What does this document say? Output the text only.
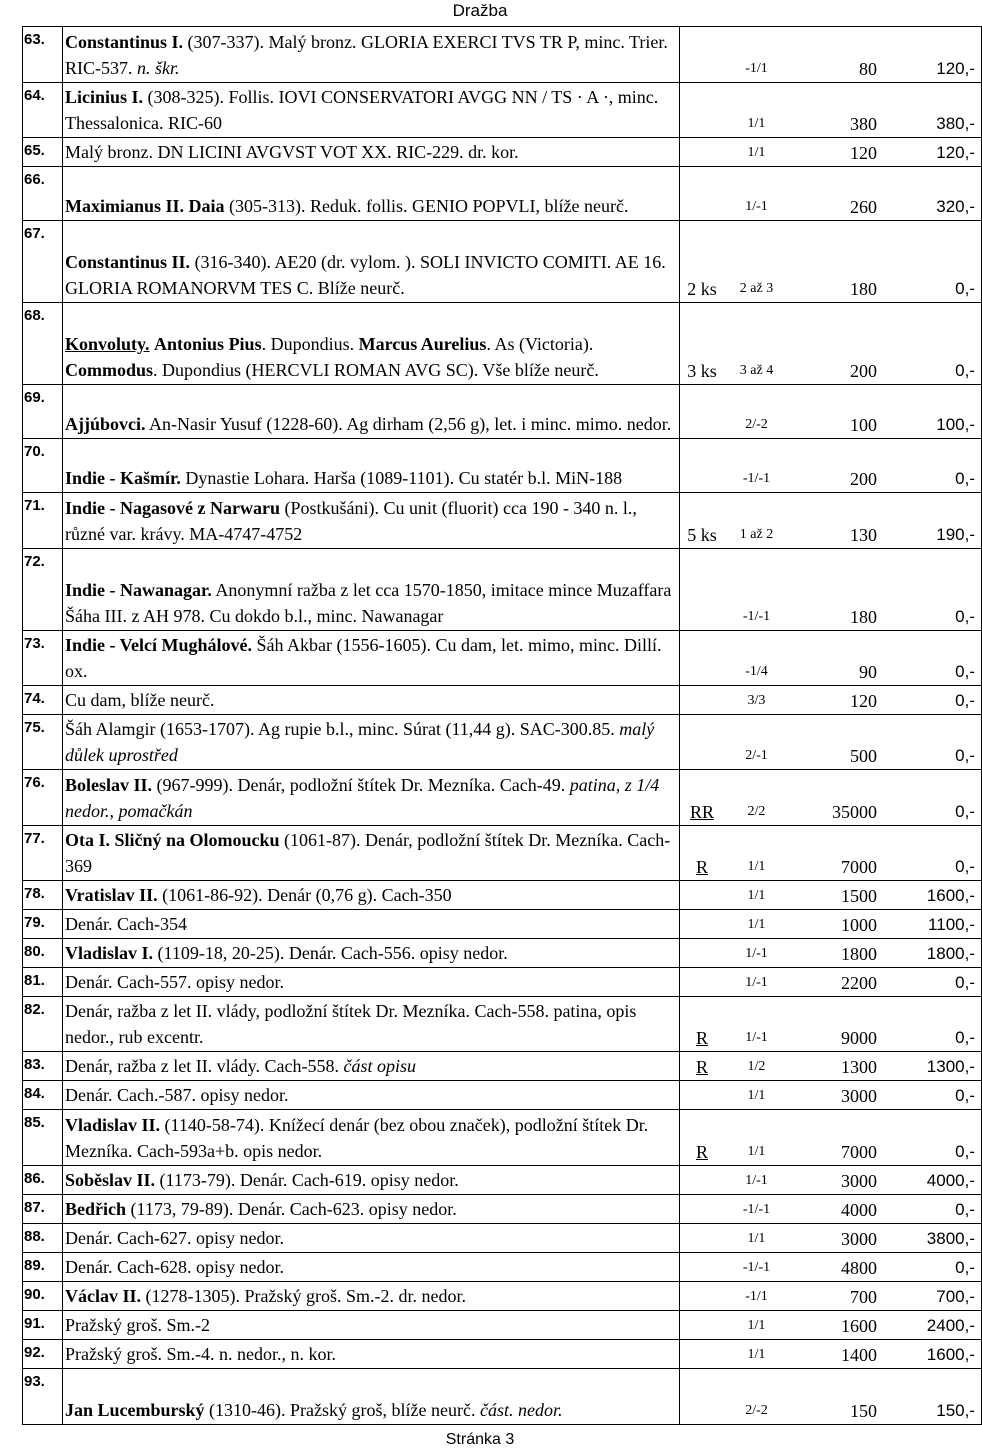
Dražba
63.	Constantinus I. (307-337). Malý bronz. GLORIA EXERCI TVS TR P, minc. Trier. RIC-537. n. škr.		-1/1	80	120,-
64.	Licinius I. (308-325). Follis. IOVI CONSERVATORI AVGG NN / TS · A ·, minc. Thessalonica. RIC-60		1/1	380	380,-
65.	Malý bronz. DN LICINI AVGVST VOT XX. RIC-229. dr. kor.		1/1	120	120,-
66.	Maximianus II. Daia (305-313). Reduk. follis. GENIO POPVLI, blíže neurč.		1/-1	260	320,-
67.	Constantinus II. (316-340). AE20 (dr. vylom. ). SOLI INVICTO COMITI. AE 16. GLORIA ROMANORVM TES C. Blíže neurč.	2 ks	2 až 3	180	0,-
68.	Konvoluty. Antonius Pius. Dupondius. Marcus Aurelius. As (Victoria). Commodus. Dupondius (HERCVLI ROMAN AVG SC). Vše blíže neurč.	3 ks	3 až 4	200	0,-
69.	Ajjúbovci. An-Nasir Yusuf (1228-60). Ag dirham (2,56 g), let. i minc. mimo. nedor.		2/-2	100	100,-
70.	Indie - Kašmír. Dynastie Lohara. Harša (1089-1101). Cu statér b.l. MiN-188		-1/-1	200	0,-
71.	Indie - Nagasové z Narwaru (Postkušáni). Cu unit (fluorit) cca 190 - 340 n. l., různé var. krávy. MA-4747-4752	5 ks	1 až 2	130	190,-
72.	Indie - Nawanagar. Anonymní ražba z let cca 1570-1850, imitace mince Muzaffara Šáha III. z AH 978. Cu dokdo b.l., minc. Nawanagar		-1/-1	180	0,-
73.	Indie - Velcí Mughálové. Šáh Akbar (1556-1605). Cu dam, let. mimo, minc. Dillí. ox.		-1/4	90	0,-
74.	Cu dam, blíže neurč.		3/3	120	0,-
75.	Šáh Alamgir (1653-1707). Ag rupie b.l., minc. Súrat (11,44 g). SAC-300.85. malý důlek uprostřed		2/-1	500	0,-
76.	Boleslav II. (967-999). Denár, podložní štítek Dr. Mezníka. Cach-49. patina, z 1/4 nedor., pomačkán	RR	2/2	35000	0,-
77.	Ota I. Sličný na Olomoucku (1061-87). Denár, podložní štítek Dr. Mezníka. Cach-369	R	1/1	7000	0,-
78.	Vratislav II. (1061-86-92). Denár (0,76 g). Cach-350		1/1	1500	1600,-
79.	Denár. Cach-354		1/1	1000	1100,-
80.	Vladislav I. (1109-18, 20-25). Denár. Cach-556. opisy nedor.		1/-1	1800	1800,-
81.	Denár. Cach-557. opisy nedor.		1/-1	2200	0,-
82.	Denár, ražba z let II. vlády, podložní štítek Dr. Mezníka. Cach-558. patina, opis nedor., rub excentr.	R	1/-1	9000	0,-
83.	Denár, ražba z let II. vlády. Cach-558. část opisu	R	1/2	1300	1300,-
84.	Denár. Cach.-587. opisy nedor.		1/1	3000	0,-
85.	Vladislav II. (1140-58-74). Knížecí denár (bez obou značek), podložní štítek Dr. Mezníka. Cach-593a+b. opis nedor.	R	1/1	7000	0,-
86.	Soběslav II. (1173-79). Denár. Cach-619. opisy nedor.		1/-1	3000	4000,-
87.	Bedřich (1173, 79-89). Denár. Cach-623. opisy nedor.		-1/-1	4000	0,-
88.	Denár. Cach-627. opisy nedor.		1/1	3000	3800,-
89.	Denár. Cach-628. opisy nedor.		-1/-1	4800	0,-
90.	Václav II. (1278-1305). Pražský groš. Sm.-2. dr. nedor.		-1/1	700	700,-
91.	Pražský groš. Sm.-2		1/1	1600	2400,-
92.	Pražský groš. Sm.-4. n. nedor., n. kor.		1/1	1400	1600,-
93.	Jan Lucemburský (1310-46). Pražský groš, blíže neurč. část. nedor.		2/-2	150	150,-
Stránka 3
